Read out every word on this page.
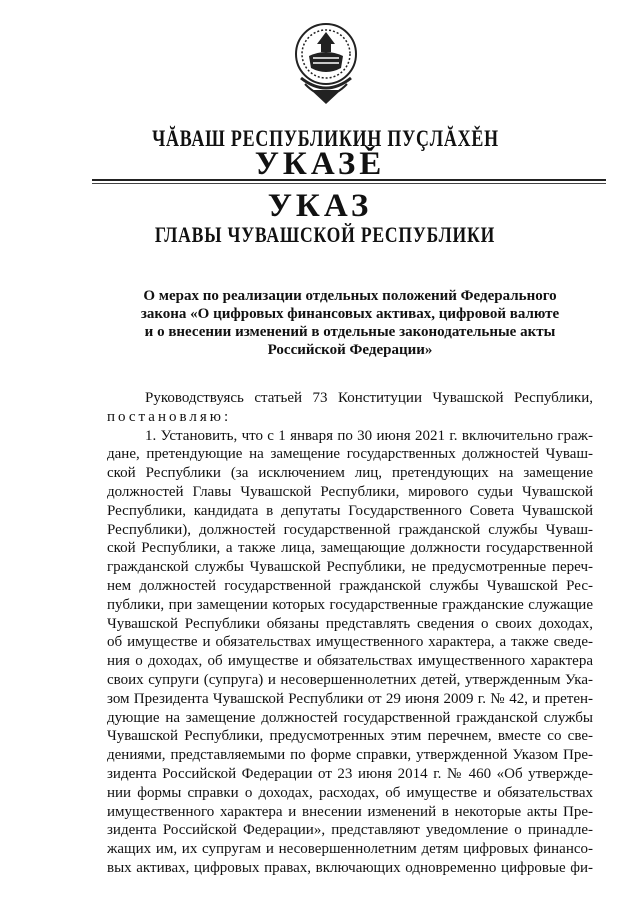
ЧĂВАШ РЕСПУБЛИКИН ПУÇЛĂХĚН
УКАЗĚ
УКАЗ
ГЛАВЫ ЧУВАШСКОЙ РЕСПУБЛИКИ
О мерах по реализации отдельных положений Федерального
закона «О цифровых финансовых активах, цифровой валюте
и о внесении изменений в отдельные законодательные акты
Российской Федерации»
Руководствуясь статьей 73 Конституции Чувашской Республики,
постановляю:
1. Установить, что с 1 января по 30 июня 2021 г. включительно граж-
дане, претендующие на замещение государственных должностей Чуваш-
ской Республики (за исключением лиц, претендующих на замещение
должностей Главы Чувашской Республики, мирового судьи Чувашской
Республики, кандидата в депутаты Государственного Совета Чувашской
Республики), должностей государственной гражданской службы Чуваш-
ской Республики, а также лица, замещающие должности государственной
гражданской службы Чувашской Республики, не предусмотренные переч-
нем должностей государственной гражданской службы Чувашской Рес-
публики, при замещении которых государственные гражданские служащие
Чувашской Республики обязаны представлять сведения о своих доходах,
об имуществе и обязательствах имущественного характера, а также сведе-
ния о доходах, об имуществе и обязательствах имущественного характера
своих супруги (супруга) и несовершеннолетних детей, утвержденным Ука-
зом Президента Чувашской Республики от 29 июня 2009 г. № 42, и претен-
дующие на замещение должностей государственной гражданской службы
Чувашской Республики, предусмотренных этим перечнем, вместе со све-
дениями, представляемыми по форме справки, утвержденной Указом Пре-
зидента Российской Федерации от 23 июня 2014 г. № 460 «Об утвержде-
нии формы справки о доходах, расходах, об имуществе и обязательствах
имущественного характера и внесении изменений в некоторые акты Пре-
зидента Российской Федерации», представляют уведомление о принадле-
жащих им, их супругам и несовершеннолетним детям цифровых финансо-
вых активах, цифровых правах, включающих одновременно цифровые фи-
